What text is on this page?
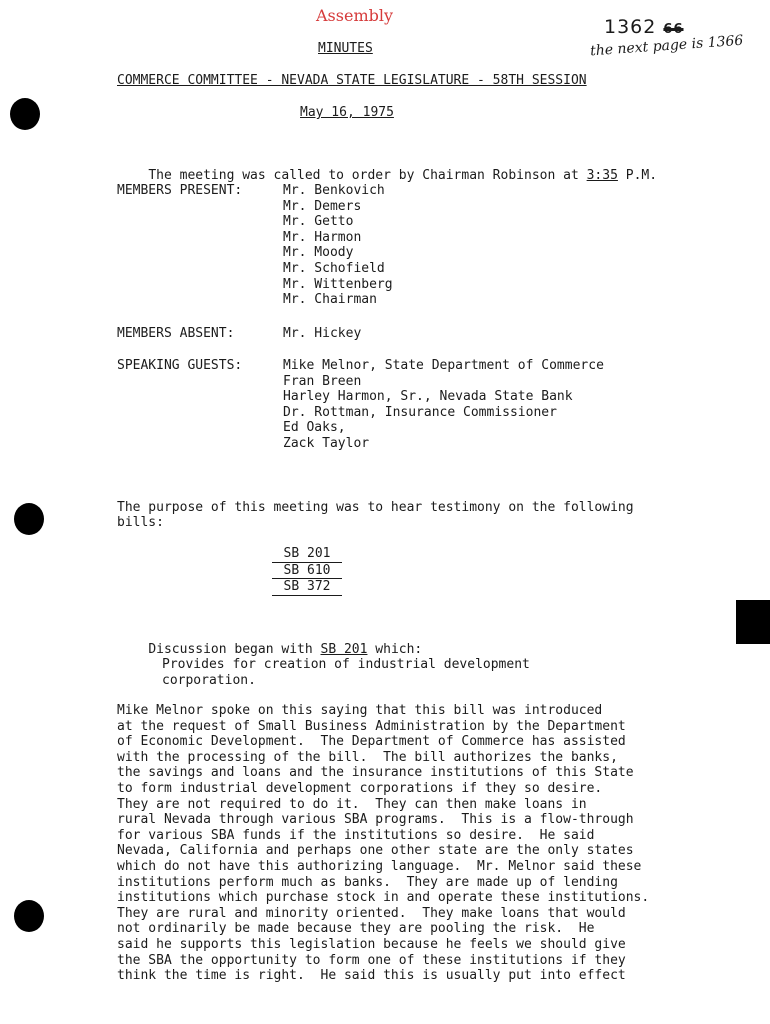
Assembly
1362 66
the next page is 1366
MINUTES
COMMERCE COMMITTEE - NEVADA STATE LEGISLATURE - 58TH SESSION
May 16, 1975

The meeting was called to order by Chairman Robinson at 3:35 P.M.

MEMBERS PRESENT:	Mr. Benkovich
Mr. Demers
Mr. Getto
Mr. Harmon
Mr. Moody
Mr. Schofield
Mr. Wittenberg
Mr. Chairman
MEMBERS ABSENT:	Mr. Hickey
SPEAKING GUESTS:	Mike Melnor, State Department of Commerce
Fran Breen
Harley Harmon, Sr., Nevada State Bank
Dr. Rottman, Insurance Commissioner
Ed Oaks,
Zack Taylor
The purpose of this meeting was to hear testimony on the following
bills:
SB 201
SB 610
SB 372

Discussion began with SB 201 which:

Provides for creation of industrial development
corporation.
Mike Melnor spoke on this saying that this bill was introduced
at the request of Small Business Administration by the Department
of Economic Development.  The Department of Commerce has assisted
with the processing of the bill.  The bill authorizes the banks,
the savings and loans and the insurance institutions of this State
to form industrial development corporations if they so desire.
They are not required to do it.  They can then make loans in
rural Nevada through various SBA programs.  This is a flow-through
for various SBA funds if the institutions so desire.  He said
Nevada, California and perhaps one other state are the only states
which do not have this authorizing language.  Mr. Melnor said these
institutions perform much as banks.  They are made up of lending
institutions which purchase stock in and operate these institutions.
They are rural and minority oriented.  They make loans that would
not ordinarily be made because they are pooling the risk.  He
said he supports this legislation because he feels we should give
the SBA the opportunity to form one of these institutions if they
think the time is right.  He said this is usually put into effect
